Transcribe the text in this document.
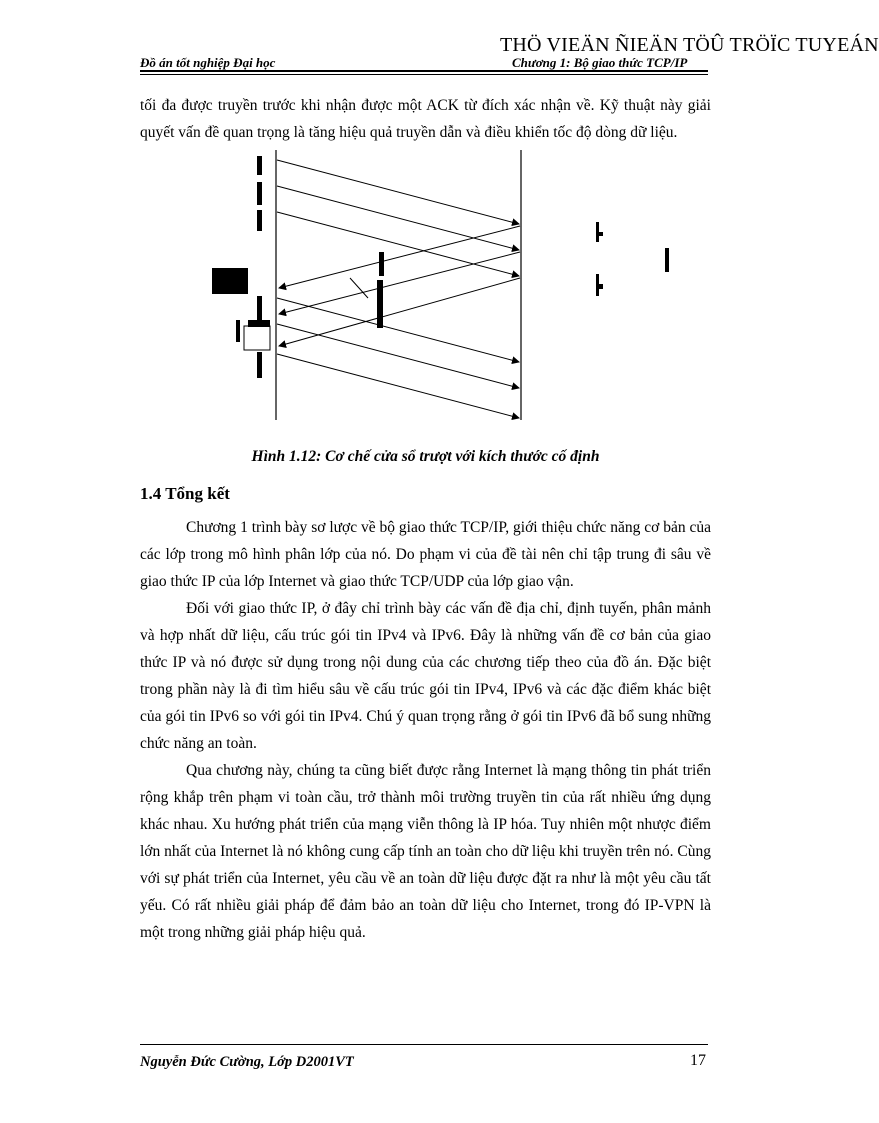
THÖ VIEÄN ÑIEÄN TÖÛ TRÖÏC TUYEÁN
Đồ án tốt nghiệp Đại học	Chương 1: Bộ giao thức TCP/IP
tối đa được truyền trước khi nhận được một ACK từ đích xác nhận về. Kỹ thuật này giải quyết vấn đề quan trọng là tăng hiệu quả truyền dẫn và điều khiển tốc độ dòng dữ liệu.
Hình 1.12: Cơ chế cửa sổ trượt với kích thước cố định
1.4 Tổng kết
Chương 1 trình bày sơ lược về bộ giao thức TCP/IP, giới thiệu chức năng cơ bản của các lớp trong mô hình phân lớp của nó. Do phạm vi của đề tài nên chỉ tập trung đi sâu về giao thức IP của lớp Internet và giao thức TCP/UDP của lớp giao vận.
Đối với giao thức IP, ở đây chỉ trình bày các vấn đề địa chỉ, định tuyến, phân mảnh và hợp nhất dữ liệu, cấu trúc gói tin IPv4 và IPv6. Đây là những vấn đề cơ bản của giao thức IP và nó được sử dụng trong nội dung của các chương tiếp theo của đồ án. Đặc biệt trong phần này là đi tìm hiểu sâu về cấu trúc gói tin IPv4, IPv6 và các đặc điểm khác biệt của gói tin IPv6 so với gói tin IPv4. Chú ý quan trọng rằng ở gói tin IPv6 đã bổ sung những chức năng an toàn.
Qua chương này, chúng ta cũng biết được rằng Internet là mạng thông tin phát triển rộng khắp trên phạm vi toàn cầu, trở thành môi trường truyền tin của rất nhiều ứng dụng khác nhau. Xu hướng phát triển của mạng viễn thông là IP hóa. Tuy nhiên một nhược điểm lớn nhất của Internet là nó không cung cấp tính an toàn cho dữ liệu khi truyền trên nó. Cùng với sự phát triển của Internet, yêu cầu về an toàn dữ liệu được đặt ra như là một yêu cầu tất yếu. Có rất nhiều giải pháp để đảm bảo an toàn dữ liệu cho Internet, trong đó IP-VPN là một trong những giải pháp hiệu quả.
Nguyễn Đức Cường, Lớp D2001VT	17
